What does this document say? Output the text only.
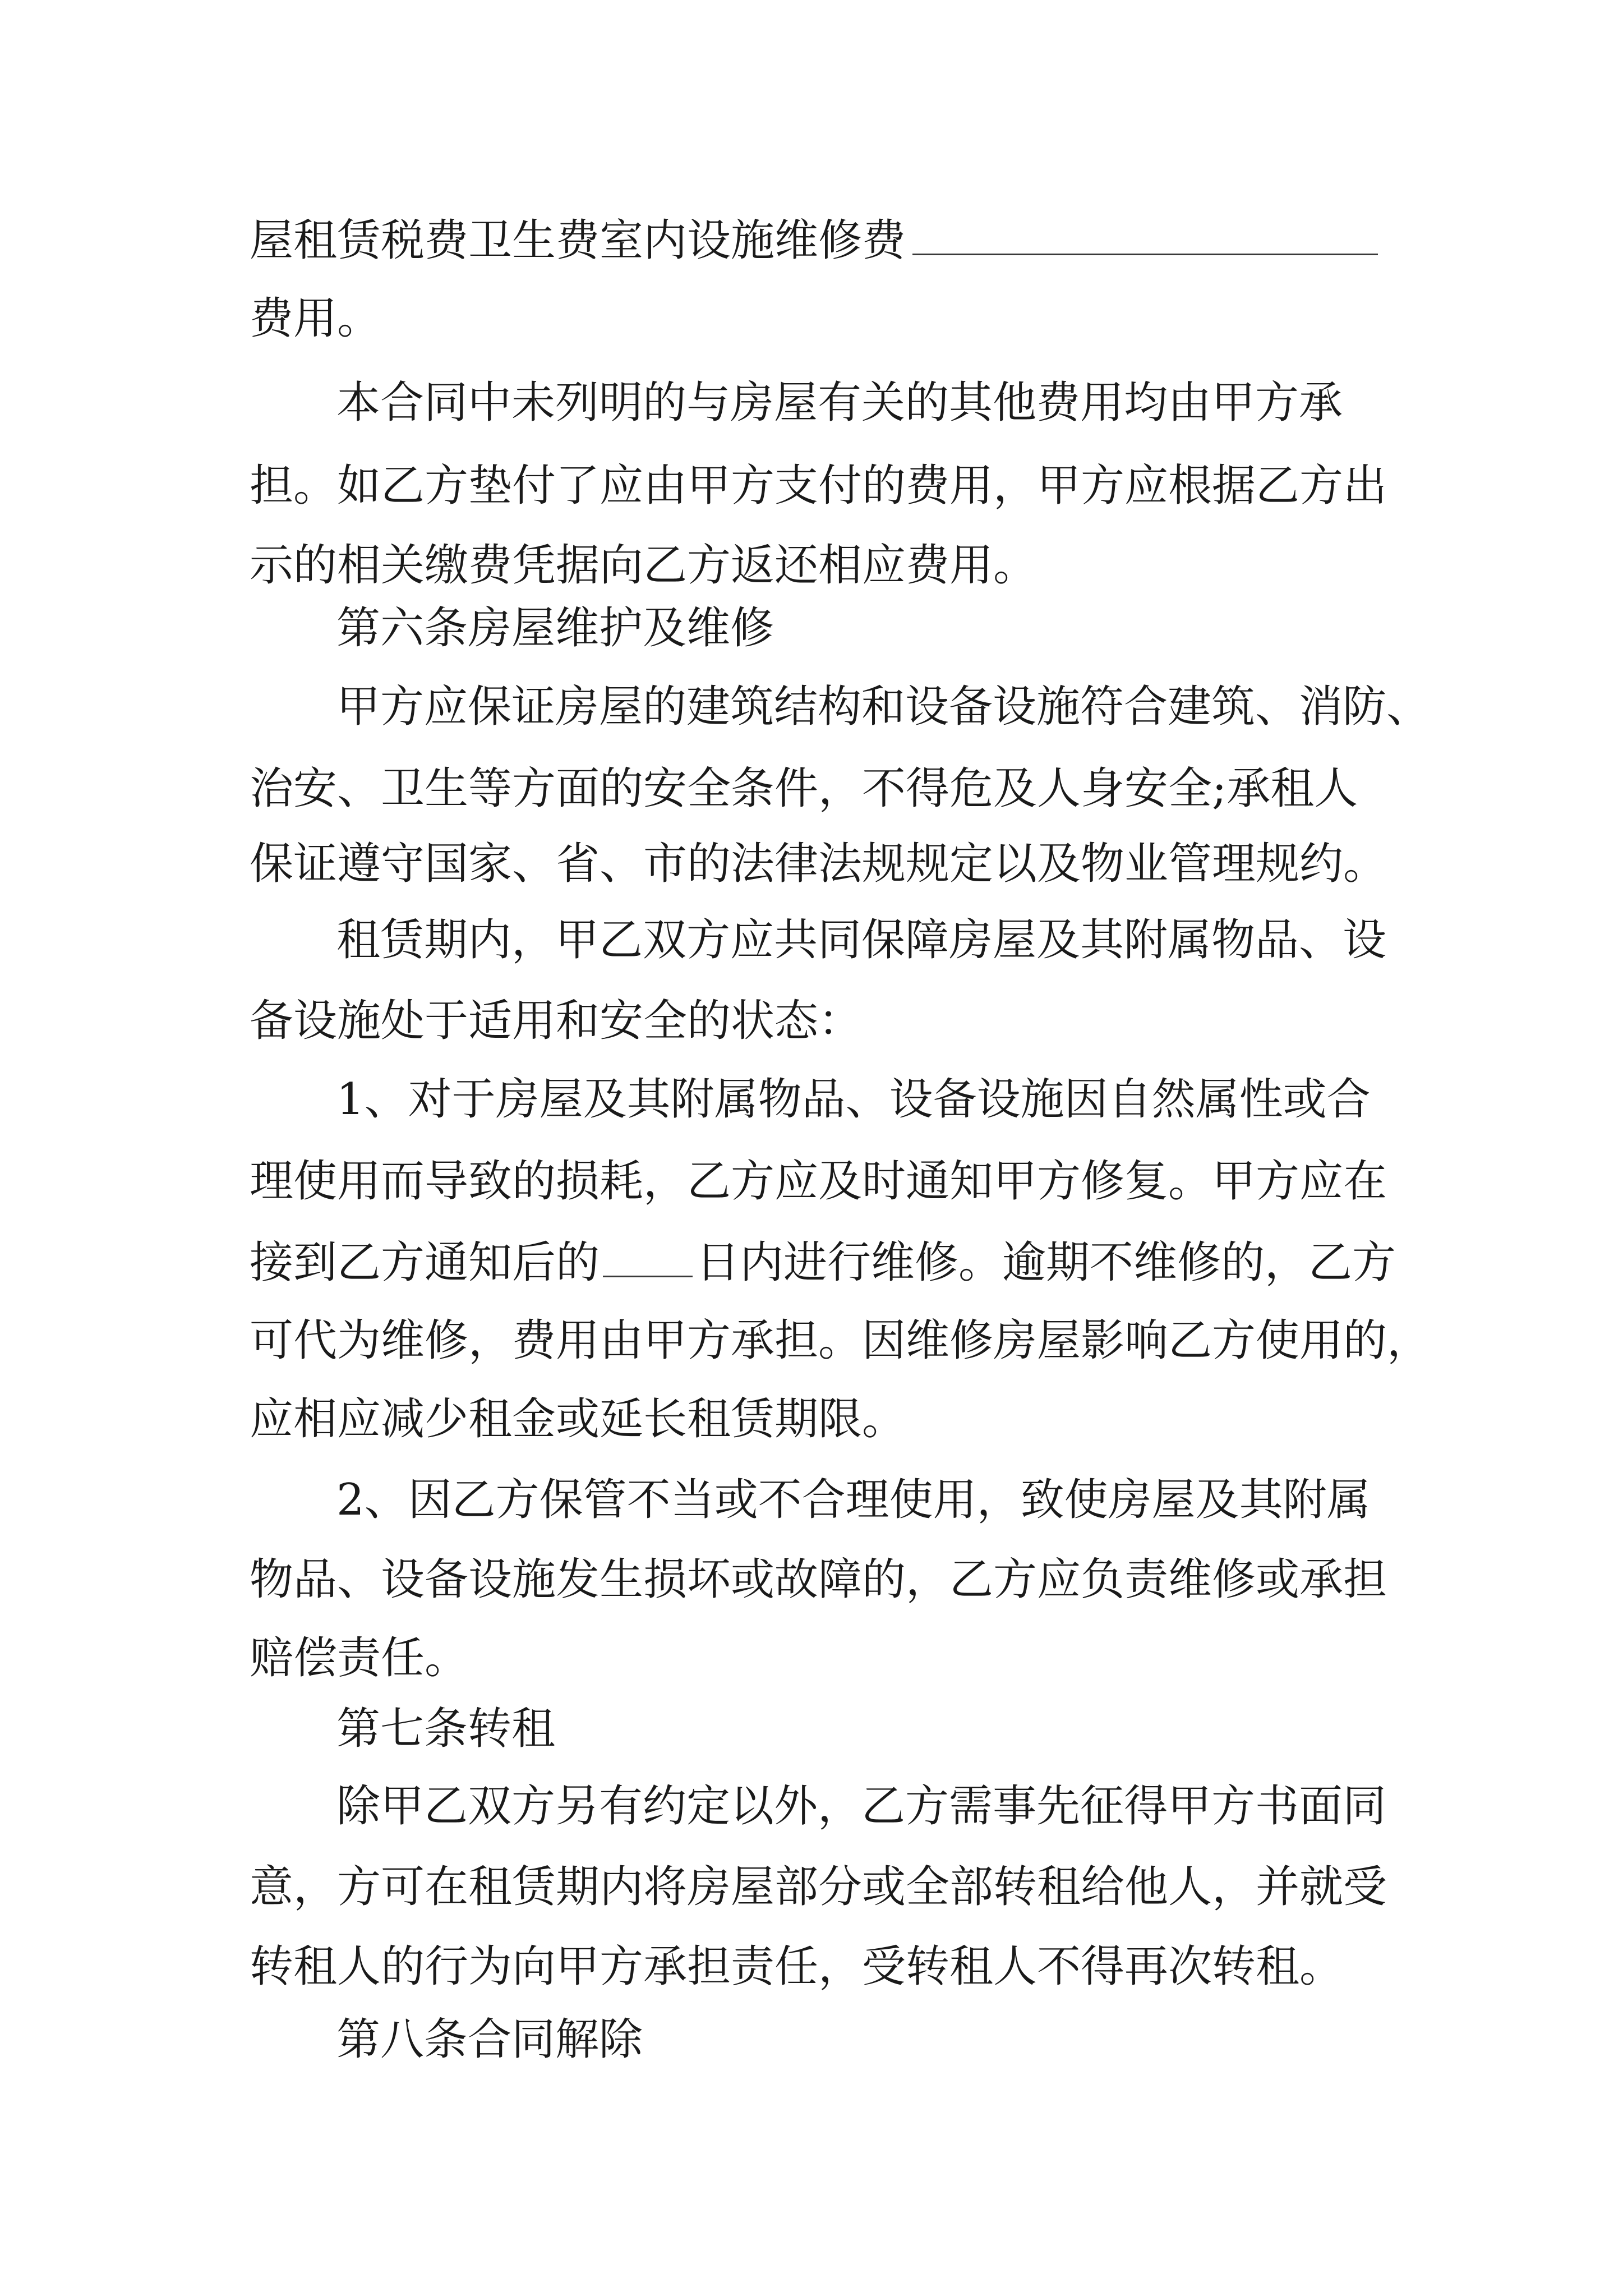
屋租赁税费卫生费室内设施维修费
费用。
本合同中未列明的与房屋有关的其他费用均由甲方承
担。如乙方垫付了应由甲方支付的费用，甲方应根据乙方出
示的相关缴费凭据向乙方返还相应费用。
第六条房屋维护及维修
甲方应保证房屋的建筑结构和设备设施符合建筑、消防、
治安、卫生等方面的安全条件，不得危及人身安全;承租人
保证遵守国家、省、市的法律法规规定以及物业管理规约。
租赁期内，甲乙双方应共同保障房屋及其附属物品、设
备设施处于适用和安全的状态：
1、对于房屋及其附属物品、设备设施因自然属性或合
理使用而导致的损耗，乙方应及时通知甲方修复。甲方应在
接到乙方通知后的 日内进行维修。逾期不维修的，乙方
可代为维修，费用由甲方承担。因维修房屋影响乙方使用的，
应相应减少租金或延长租赁期限。
2、因乙方保管不当或不合理使用，致使房屋及其附属
物品、设备设施发生损坏或故障的，乙方应负责维修或承担
赔偿责任。
第七条转租
除甲乙双方另有约定以外，乙方需事先征得甲方书面同
意，方可在租赁期内将房屋部分或全部转租给他人，并就受
转租人的行为向甲方承担责任，受转租人不得再次转租。
第八条合同解除
